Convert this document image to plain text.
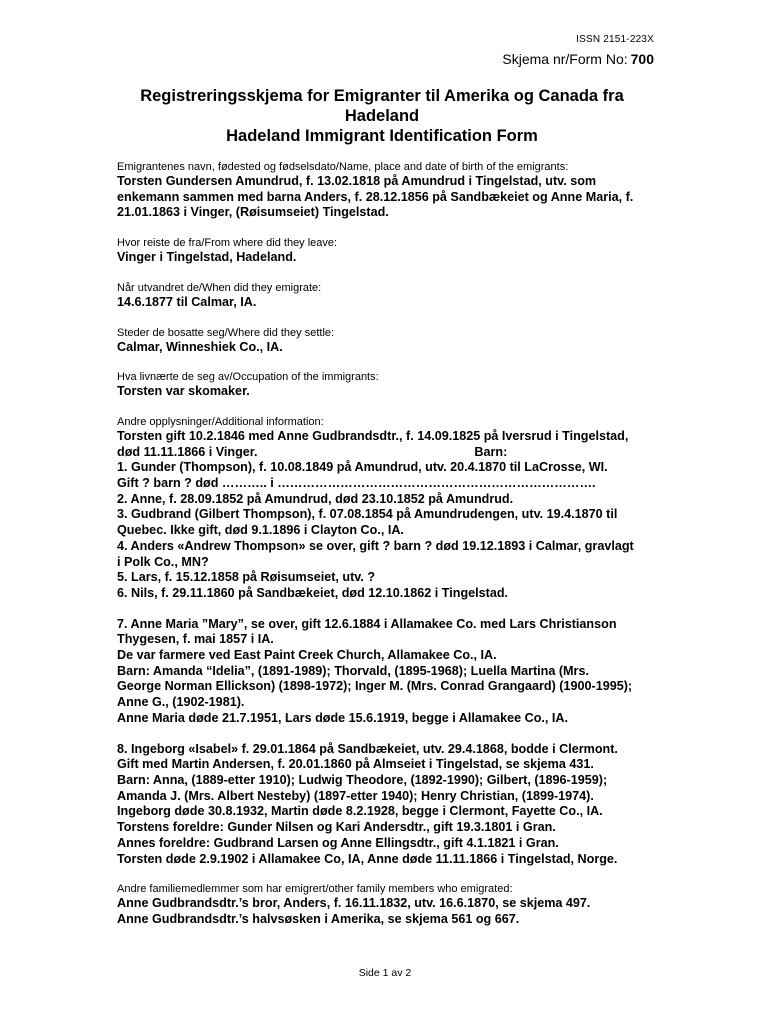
ISSN 2151-223X
Skjema nr/Form No: 700
Registreringsskjema for Emigranter til Amerika og Canada fra
Hadeland
Hadeland Immigrant Identification Form

Emigrantenes navn, fødested og fødselsdato/Name, place and date of birth of the emigrants:

Torsten Gundersen Amundrud, f. 13.02.1818 på Amundrud i Tingelstad, utv. som
enkemann sammen med barna Anders, f. 28.12.1856 på Sandbækeiet og Anne Maria, f.
21.01.1863 i Vinger, (Røisumseiet) Tingelstad.

Hvor reiste de fra/From where did they leave:

Vinger i Tingelstad, Hadeland.

Når utvandret de/When did they emigrate:

14.6.1877 til Calmar, IA.

Steder de bosatte seg/Where did they settle:

Calmar, Winneshiek Co., IA.

Hva livnærte de seg av/Occupation of the immigrants:

Torsten var skomaker.

Andre opplysninger/Additional information:

Torsten gift 10.2.1846 med Anne Gudbrandsdtr., f. 14.09.1825 på Iversrud i Tingelstad,
død 11.11.1866 i Vinger.                                                              Barn:
1. Gunder (Thompson), f. 10.08.1849 på Amundrud, utv. 20.4.1870 til LaCrosse, WI.
Gift ? barn ? død ……….. i ………………………………………………………………….
2. Anne, f. 28.09.1852 på Amundrud, død 23.10.1852 på Amundrud.
3. Gudbrand (Gilbert Thompson), f. 07.08.1854 på Amundrudengen, utv. 19.4.1870 til
Quebec. Ikke gift, død 9.1.1896 i Clayton Co., IA.
4. Anders «Andrew Thompson» se over, gift ? barn ? død 19.12.1893 i Calmar, gravlagt
i Polk Co., MN?
5. Lars, f. 15.12.1858 på Røisumseiet, utv. ?
6. Nils, f. 29.11.1860 på Sandbækeiet, død 12.10.1862 i Tingelstad.
7. Anne Maria ”Mary”, se over, gift 12.6.1884 i Allamakee Co. med Lars Christianson
Thygesen, f. mai 1857 i IA.
De var farmere ved East Paint Creek Church, Allamakee Co., IA.
Barn: Amanda “Idelia”, (1891-1989); Thorvald, (1895-1968); Luella Martina (Mrs.
George Norman Ellickson) (1898-1972); Inger M. (Mrs. Conrad Grangaard) (1900-1995);
Anne G., (1902-1981).
Anne Maria døde 21.7.1951, Lars døde 15.6.1919, begge i Allamakee Co., IA.
8. Ingeborg «Isabel» f. 29.01.1864 på Sandbækeiet, utv. 29.4.1868, bodde i Clermont.
Gift med Martin Andersen, f. 20.01.1860 på Almseiet i Tingelstad, se skjema 431.
Barn: Anna, (1889-etter 1910); Ludwig Theodore, (1892-1990); Gilbert, (1896-1959);
Amanda J. (Mrs. Albert Nesteby) (1897-etter 1940); Henry Christian, (1899-1974).
Ingeborg døde 30.8.1932, Martin døde 8.2.1928, begge i Clermont, Fayette Co., IA.
Torstens foreldre: Gunder Nilsen og Kari Andersdtr., gift 19.3.1801 i Gran.
Annes foreldre: Gudbrand Larsen og Anne Ellingsdtr., gift 4.1.1821 i Gran.
Torsten døde 2.9.1902 i Allamakee Co, IA, Anne døde 11.11.1866 i Tingelstad, Norge.

Andre familiemedlemmer som har emigrert/other family members who emigrated:

Anne Gudbrandsdtr.’s bror, Anders, f. 16.11.1832, utv. 16.6.1870, se skjema 497.
Anne Gudbrandsdtr.’s halvsøsken i Amerika, se skjema 561 og 667.
Side 1 av 2
